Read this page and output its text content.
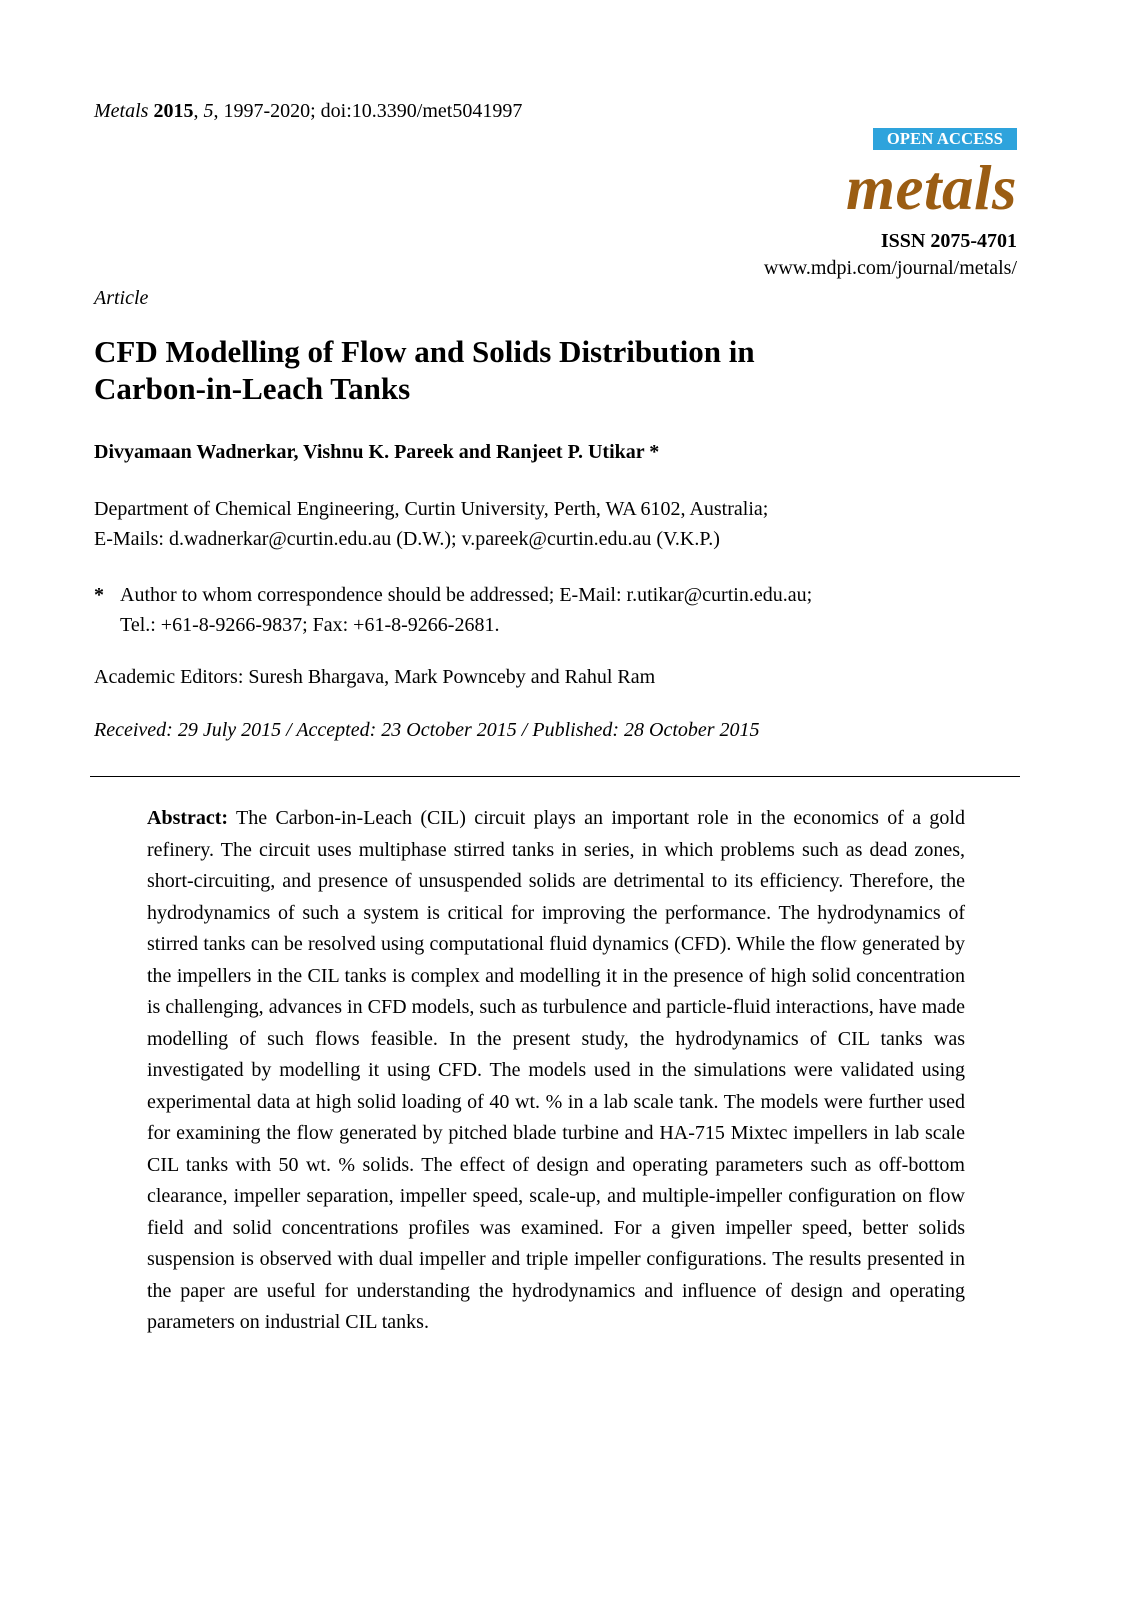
Metals 2015, 5, 1997-2020; doi:10.3390/met5041997
OPEN ACCESS
metals
ISSN 2075-4701
www.mdpi.com/journal/metals/
Article
CFD Modelling of Flow and Solids Distribution in
Carbon-in-Leach Tanks
Divyamaan Wadnerkar, Vishnu K. Pareek and Ranjeet P. Utikar *
Department of Chemical Engineering, Curtin University, Perth, WA 6102, Australia;
E-Mails: d.wadnerkar@curtin.edu.au (D.W.); v.pareek@curtin.edu.au (V.K.P.)
* Author to whom correspondence should be addressed; E-Mail: r.utikar@curtin.edu.au;
Tel.: +61-8-9266-9837; Fax: +61-8-9266-2681.
Academic Editors: Suresh Bhargava, Mark Pownceby and Rahul Ram
Received: 29 July 2015 / Accepted: 23 October 2015 / Published: 28 October 2015
Abstract: The Carbon-in-Leach (CIL) circuit plays an important role in the economics of a gold refinery. The circuit uses multiphase stirred tanks in series, in which problems such as dead zones, short-circuiting, and presence of unsuspended solids are detrimental to its efficiency. Therefore, the hydrodynamics of such a system is critical for improving the performance. The hydrodynamics of stirred tanks can be resolved using computational fluid dynamics (CFD). While the flow generated by the impellers in the CIL tanks is complex and modelling it in the presence of high solid concentration is challenging, advances in CFD models, such as turbulence and particle-fluid interactions, have made modelling of such flows feasible. In the present study, the hydrodynamics of CIL tanks was investigated by modelling it using CFD. The models used in the simulations were validated using experimental data at high solid loading of 40 wt. % in a lab scale tank. The models were further used for examining the flow generated by pitched blade turbine and HA-715 Mixtec impellers in lab scale CIL tanks with 50 wt. % solids. The effect of design and operating parameters such as off-bottom clearance, impeller separation, impeller speed, scale-up, and multiple-impeller configuration on flow field and solid concentrations profiles was examined. For a given impeller speed, better solids suspension is observed with dual impeller and triple impeller configurations. The results presented in the paper are useful for understanding the hydrodynamics and influence of design and operating parameters on industrial CIL tanks.
